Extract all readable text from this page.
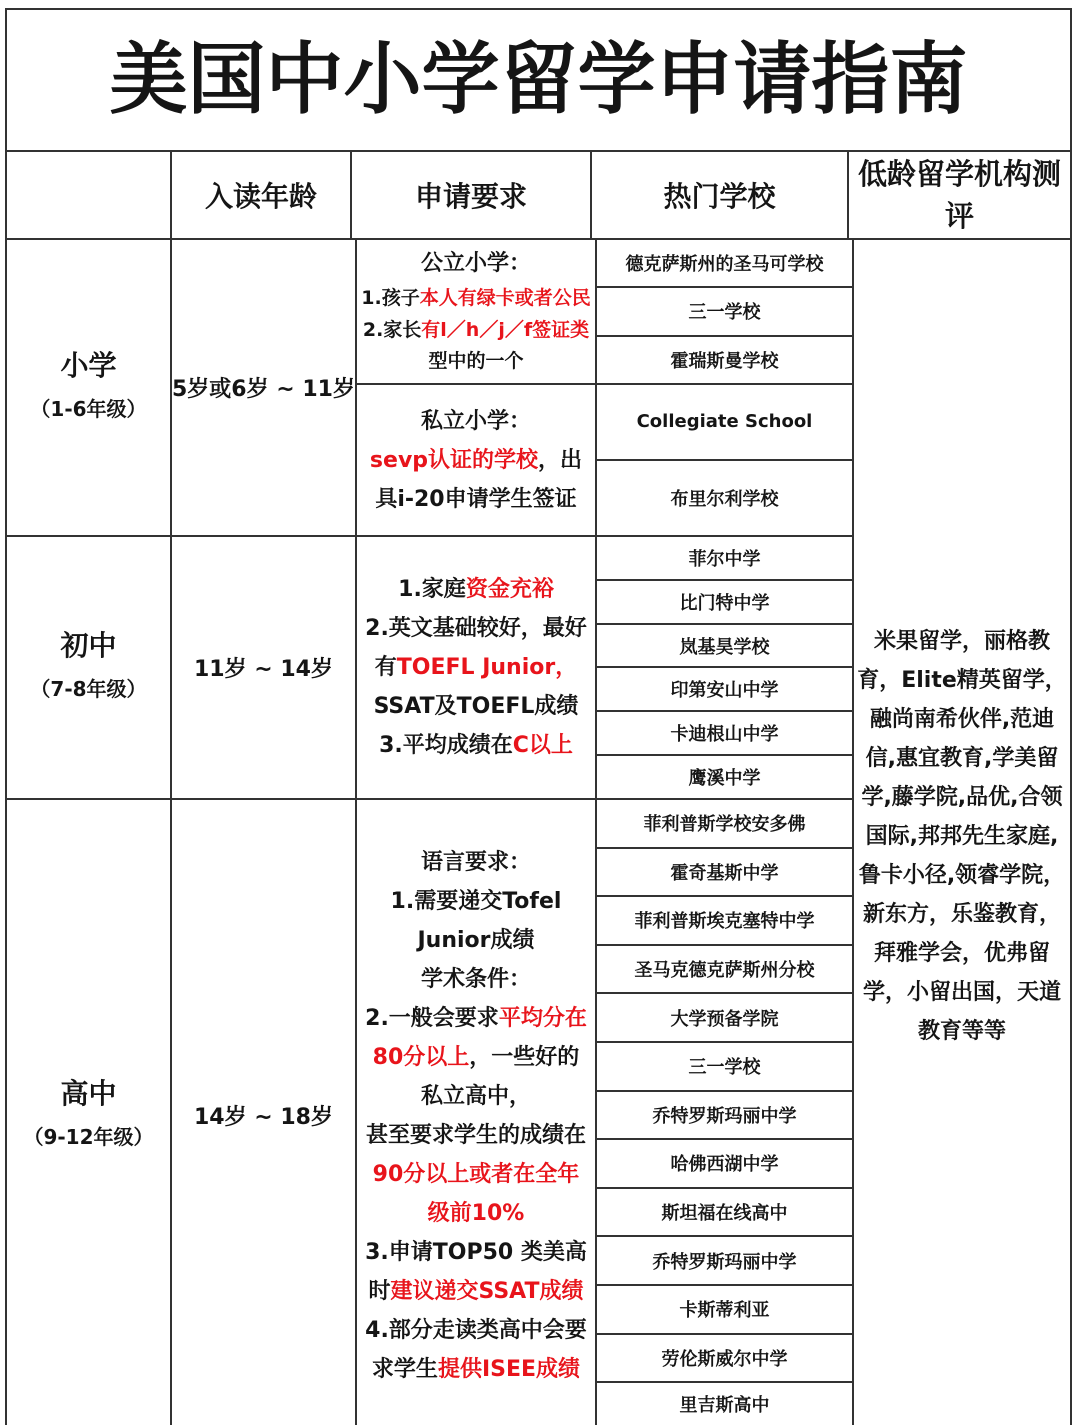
美国中小学留学申请指南
入读年龄	申请要求	热门学校
低龄留学机构测评
小学
（1-6年级）
初中
（7-8年级）
高中
（9-12年级）
5岁或6岁 ~ 11岁
11岁 ~ 14岁
14岁 ~ 18岁
公立小学：
1.孩子本人有绿卡或者公民
2.家长有l／h／j／f签证类
型中的一个
私立小学：
sevp认证的学校，出
具i-20申请学生签证
1.家庭资金充裕
2.英文基础较好，最好
有TOEFL Junior，
SSAT及TOEFL成绩
3.平均成绩在C以上
语言要求：
1.需要递交Tofel
Junior成绩
学术条件：
2.一般会要求平均分在
80分以上，一些好的
私立高中，
甚至要求学生的成绩在
90分以上或者在全年
级前10%
3.申请TOP50 类美高
时建议递交SSAT成绩
4.部分走读类高中会要
求学生提供ISEE成绩
德克萨斯州的圣马可学校
三一学校
霍瑞斯曼学校
Collegiate School
布里尔利学校
菲尔中学
比门特中学
岚基昊学校
印第安山中学
卡迪根山中学
鹰溪中学
菲利普斯学校安多佛
霍奇基斯中学
菲利普斯埃克塞特中学
圣马克德克萨斯州分校
大学预备学院
三一学校
乔特罗斯玛丽中学
哈佛西湖中学
斯坦福在线高中
乔特罗斯玛丽中学
卡斯蒂利亚
劳伦斯威尔中学
里吉斯高中
米果留学，丽格教
育，Elite精英留学，
融尚南希伙伴,范迪
信,惠宜教育,学美留
学,藤学院,品优,合领
国际,邦邦先生家庭,
鲁卡小径,领睿学院，
新东方，乐鉴教育，
拜雅学会，优弗留
学，小留出国，天道
教育等等
